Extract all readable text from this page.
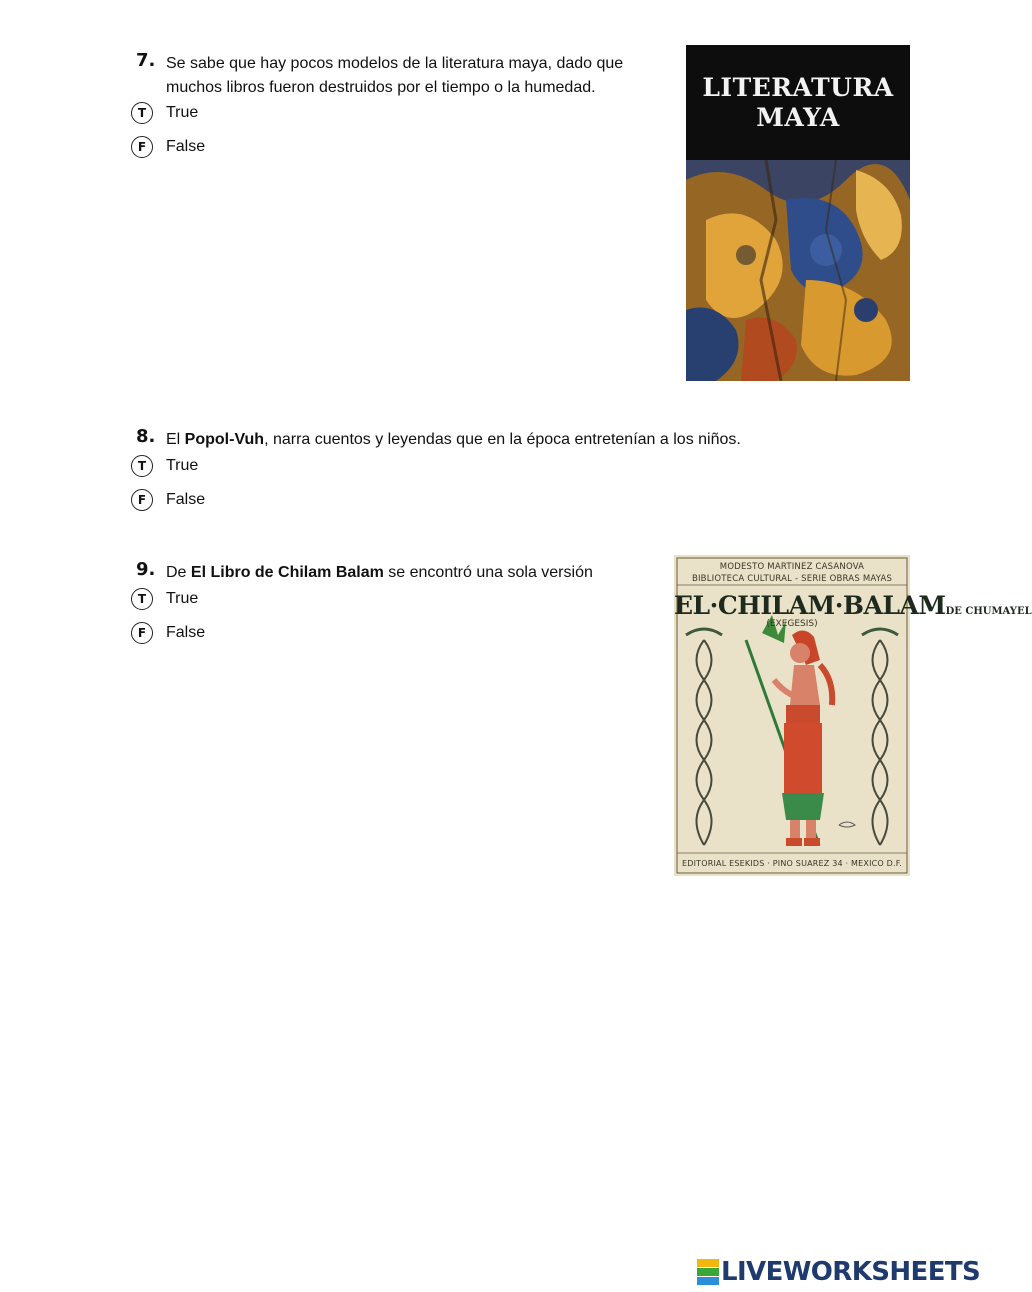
7. Se sabe que hay pocos modelos de la literatura maya, dado que
muchos libros fueron destruidos por el tiempo o la humedad.
T	True
F	False
LITERATURA
MAYA
8. El Popol-Vuh, narra cuentos y leyendas que en la época entretenían a los niños.
T	True
F	False
9. De El Libro de Chilam Balam se encontró una sola versión
T	True
F	False
MODESTO MARTINEZ CASANOVA
BIBLIOTECA CULTURAL - SERIE OBRAS MAYAS
EL·CHILAM·BALAMDE CHUMAYEL
(EXEGESIS)
EDITORIAL ESEKIDS · PINO SUAREZ 34 · MEXICO D.F.
LIVEWORKSHEETS
